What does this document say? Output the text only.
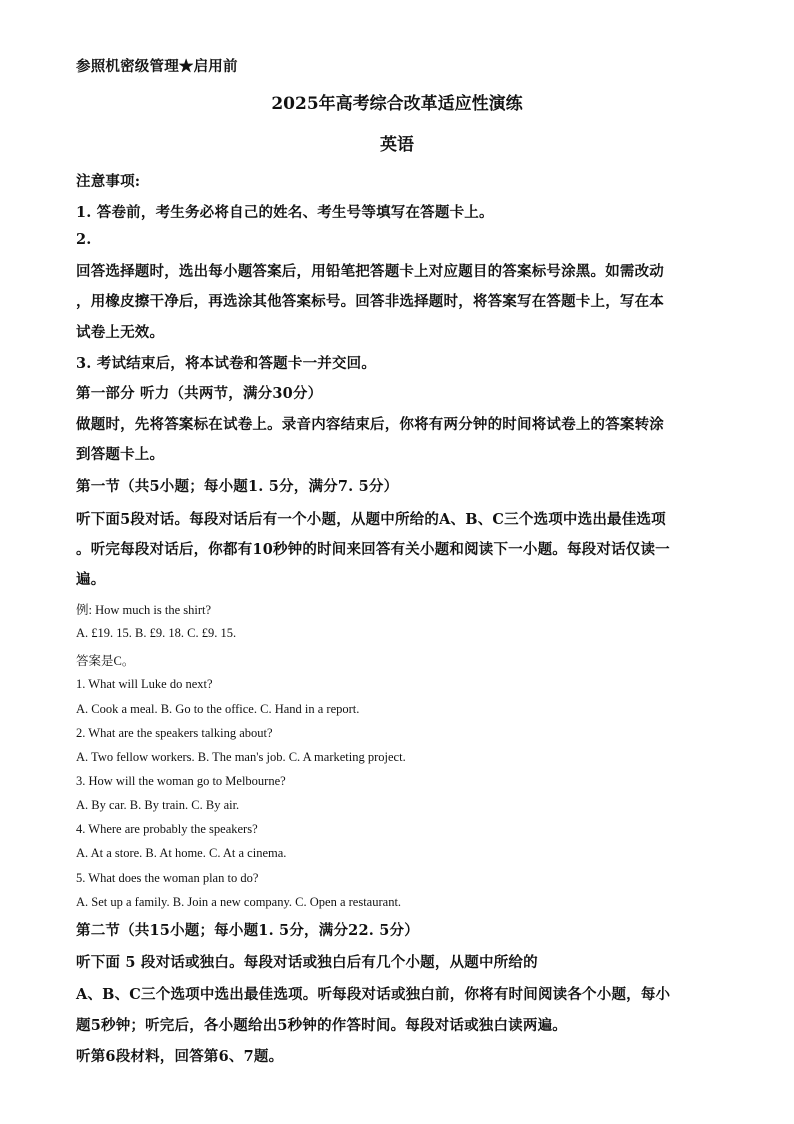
参照机密级管理★启用前

2025年高考综合改革适应性演练

英语

注意事项:

1. 答卷前，考生务必将自己的姓名、考生号等填写在答题卡上。

2.

回答选择题时，选出每小题答案后，用铅笔把答题卡上对应题目的答案标号涂黑。如需改动

，用橡皮擦干净后，再选涂其他答案标号。回答非选择题时，将答案写在答题卡上，写在本

试卷上无效。

3. 考试结束后，将本试卷和答题卡一并交回。

第一部分 听力（共两节，满分30分）

做题时，先将答案标在试卷上。录音内容结束后，你将有两分钟的时间将试卷上的答案转涂

到答题卡上。

第一节（共5小题；每小题1. 5分，满分7. 5分）

听下面5段对话。每段对话后有一个小题，从题中所给的A、B、C三个选项中选出最佳选项

。听完每段对话后，你都有10秒钟的时间来回答有关小题和阅读下一小题。每段对话仅读一

遍。

例: How much is the shirt?

A. £19. 15. B. £9. 18. C. £9. 15.

答案是C。

1. What will Luke do next?

A. Cook a meal. B. Go to the office. C. Hand in a report.

2. What are the speakers talking about?

A. Two fellow workers. B. The man's job. C. A marketing project.

3. How will the woman go to Melbourne?

A. By car. B. By train. C. By air.

4. Where are probably the speakers?

A. At a store. B. At home. C. At a cinema.

5. What does the woman plan to do?

A. Set up a family. B. Join a new company. C. Open a restaurant.

第二节（共15小题；每小题1. 5分，满分22. 5分）

听下面 5 段对话或独白。每段对话或独白后有几个小题，从题中所给的

A、B、C三个选项中选出最佳选项。听每段对话或独白前，你将有时间阅读各个小题，每小

题5秒钟；听完后，各小题给出5秒钟的作答时间。每段对话或独白读两遍。

听第6段材料，回答第6、7题。
